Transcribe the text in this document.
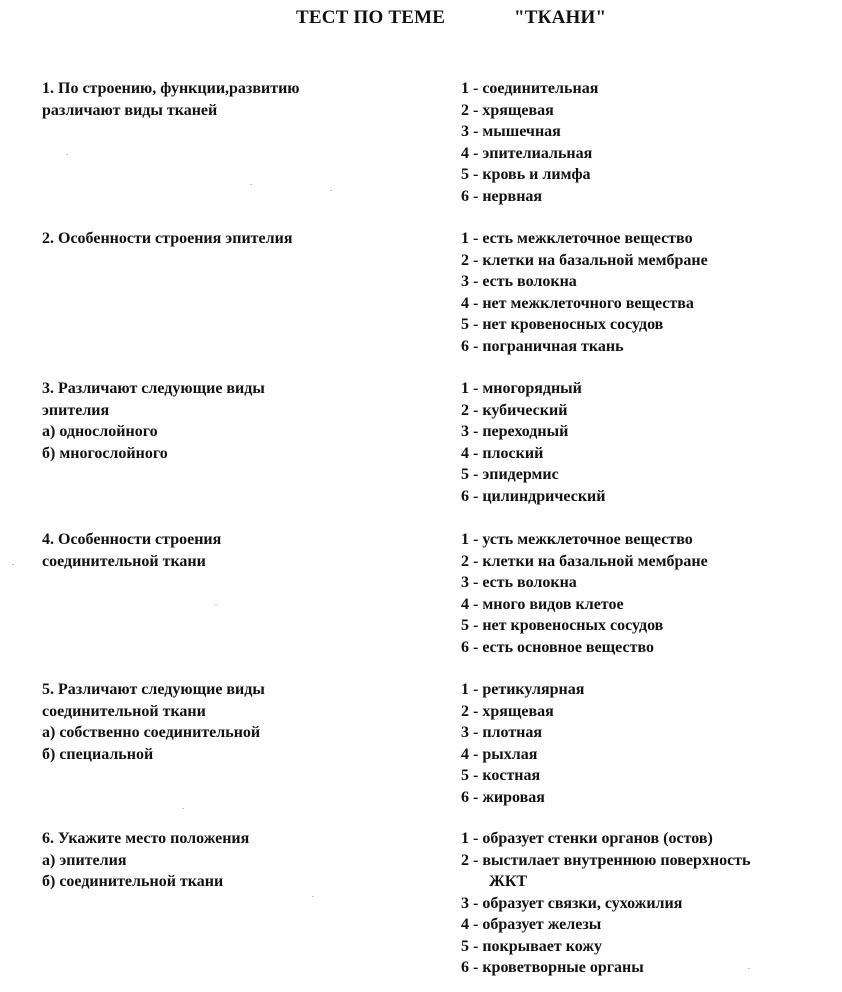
ТЕСТ ПО ТЕМЕ	"ТКАНИ"
1. По строению, функции,развитию
различают виды тканей
1 - соединительная
2 - хрящевая
3 - мышечная
4 - эпителиальная
5 - кровь и лимфа
6 - нервная
2. Особенности строения эпителия	1 - есть межклеточное вещество
2 - клетки на базальной мембране
3 - есть волокна
4 - нет межклеточного вещества
5 - нет кровеносных сосудов
6 - пограничная ткань
3. Различают следующие виды
эпителия
а) однослойного
б) многослойного
1 - многорядный
2 - кубический
3 - переходный
4 - плоский
5 - эпидермис
6 - цилиндрический
4. Особенности строения
соединительной ткани
1 - усть межклеточное вещество
2 - клетки на базальной мембране
3 - есть волокна
4 - много видов клетое
5 - нет кровеносных сосудов
6 - есть основное вещество
5. Различают следующие виды
соединительной ткани
а) собственно соединительной
б) специальной
1 - ретикулярная
2 - хрящевая
3 - плотная
4 - рыхлая
5 - костная
6 - жировая
6. Укажите место положения
а) эпителия
б) соединительной ткани
1 - образует стенки органов (остов)
2 - выстилает внутреннюю поверхность
ЖКТ
3 - образует связки, сухожилия
4 - образует железы
5 - покрывает кожу
6 - кроветворные органы
